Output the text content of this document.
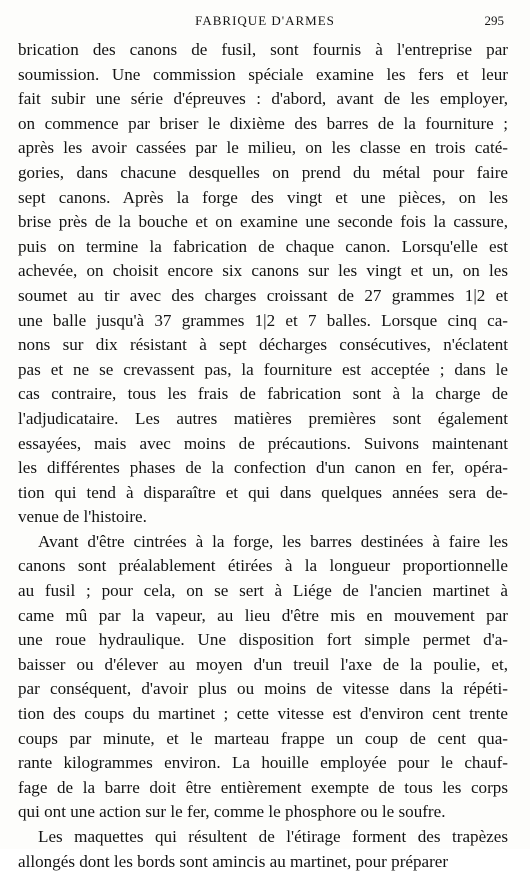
FABRIQUE D'ARMES	295
brication des canons de fusil, sont fournis à l'entreprise par
soumission. Une commission spéciale examine les fers et leur
fait subir une série d'épreuves : d'abord, avant de les employer,
on commence par briser le dixième des barres de la fourniture ;
après les avoir cassées par le milieu, on les classe en trois caté-
gories, dans chacune desquelles on prend du métal pour faire
sept canons. Après la forge des vingt et une pièces, on les
brise près de la bouche et on examine une seconde fois la cassure,
puis on termine la fabrication de chaque canon. Lorsqu'elle est
achevée, on choisit encore six canons sur les vingt et un, on les
soumet au tir avec des charges croissant de 27 grammes 1|2 et
une balle jusqu'à 37 grammes 1|2 et 7 balles. Lorsque cinq ca-
nons sur dix résistant à sept décharges consécutives, n'éclatent
pas et ne se crevassent pas, la fourniture est acceptée ; dans le
cas contraire, tous les frais de fabrication sont à la charge de
l'adjudicataire. Les autres matières premières sont également
essayées, mais avec moins de précautions. Suivons maintenant
les différentes phases de la confection d'un canon en fer, opéra-
tion qui tend à disparaître et qui dans quelques années sera de-
venue de l'histoire.
Avant d'être cintrées à la forge, les barres destinées à faire les
canons sont préalablement étirées à la longueur proportionnelle
au fusil ; pour cela, on se sert à Liége de l'ancien martinet à
came mû par la vapeur, au lieu d'être mis en mouvement par
une roue hydraulique. Une disposition fort simple permet d'a-
baisser ou d'élever au moyen d'un treuil l'axe de la poulie, et,
par conséquent, d'avoir plus ou moins de vitesse dans la répéti-
tion des coups du martinet ; cette vitesse est d'environ cent trente
coups par minute, et le marteau frappe un coup de cent qua-
rante kilogrammes environ. La houille employée pour le chauf-
fage de la barre doit être entièrement exempte de tous les corps
qui ont une action sur le fer, comme le phosphore ou le soufre.
Les maquettes qui résultent de l'étirage forment des trapèzes
allongés dont les bords sont amincis au martinet, pour préparer
